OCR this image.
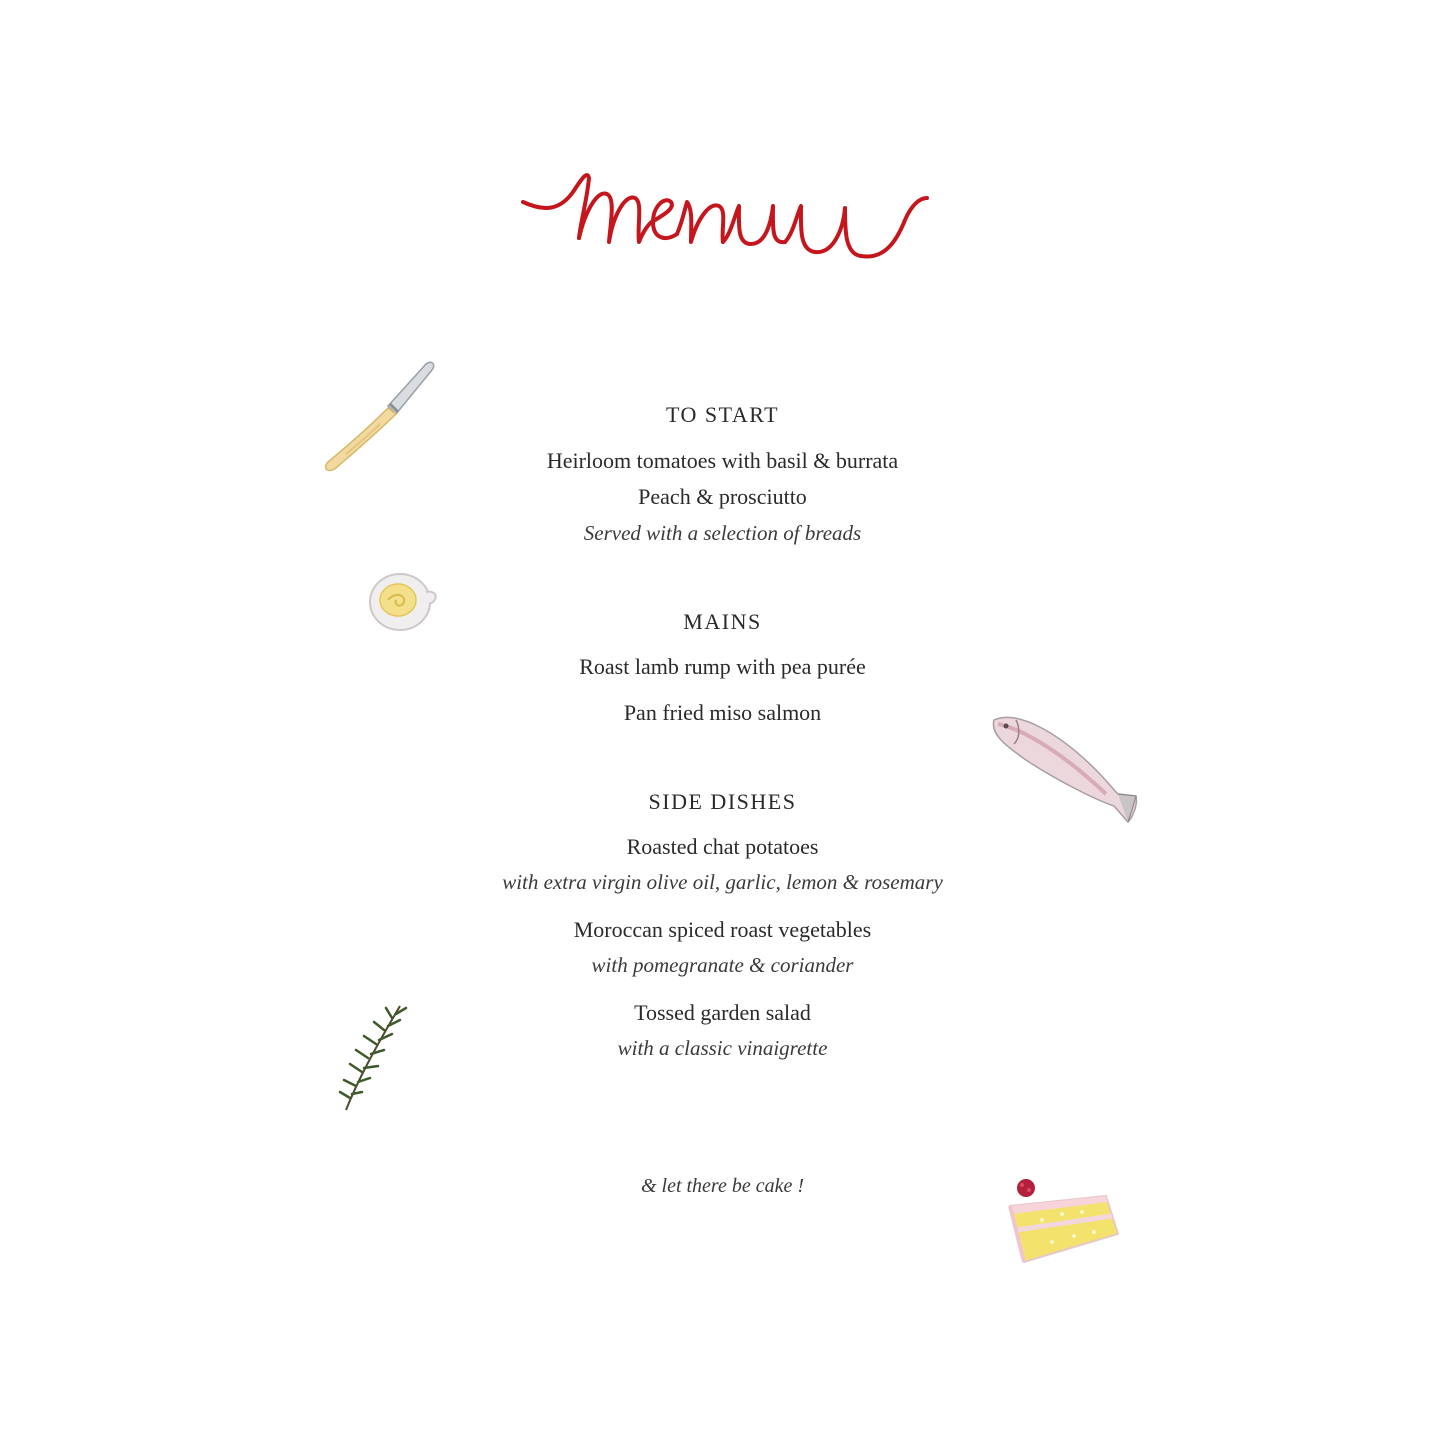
TO START
Heirloom tomatoes with basil & burrata
Peach & prosciutto
Served with a selection of breads
MAINS
Roast lamb rump with pea purée
Pan fried miso salmon
SIDE DISHES
Roasted chat potatoes
with extra virgin olive oil, garlic, lemon & rosemary
Moroccan spiced roast vegetables
with pomegranate & coriander
Tossed garden salad
with a classic vinaigrette
& let there be cake !
